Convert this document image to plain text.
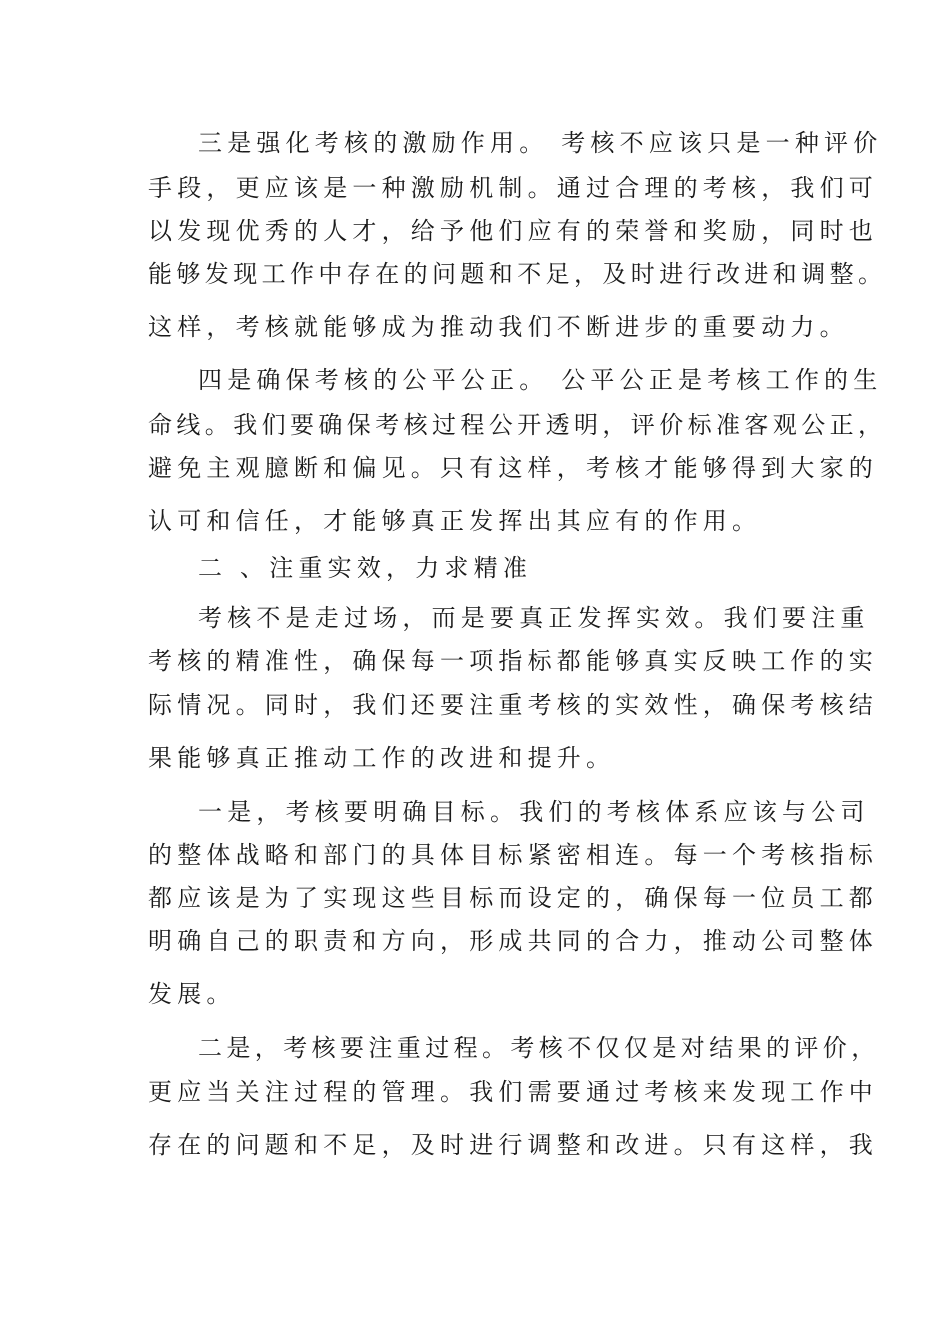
三是强化考核的激励作用。 考核不应该只是一种评价
手段，更应该是一种激励机制。通过合理的考核，我们可
以发现优秀的人才，给予他们应有的荣誉和奖励，同时也
能够发现工作中存在的问题和不足，及时进行改进和调整。
这样，考核就能够成为推动我们不断进步的重要动力。
四是确保考核的公平公正。 公平公正是考核工作的生
命线。我们要确保考核过程公开透明，评价标准客观公正，
避免主观臆断和偏见。只有这样，考核才能够得到大家的
认可和信任，才能够真正发挥出其应有的作用。
二 、注重实效，力求精准
考核不是走过场，而是要真正发挥实效。我们要注重
考核的精准性，确保每一项指标都能够真实反映工作的实
际情况。同时，我们还要注重考核的实效性，确保考核结
果能够真正推动工作的改进和提升。
一是，考核要明确目标。我们的考核体系应该与公司
的整体战略和部门的具体目标紧密相连。每一个考核指标
都应该是为了实现这些目标而设定的，确保每一位员工都
明确自己的职责和方向，形成共同的合力，推动公司整体
发展。
二是，考核要注重过程。考核不仅仅是对结果的评价，
更应当关注过程的管理。我们需要通过考核来发现工作中
存在的问题和不足，及时进行调整和改进。只有这样，我
